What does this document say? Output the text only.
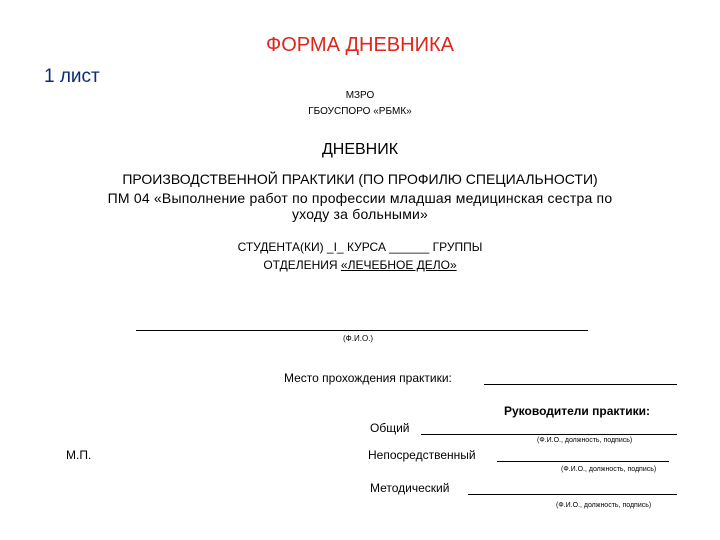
ФОРМА ДНЕВНИКА
1 лист
МЗРО
ГБОУСПОРО «РБМК»
ДНЕВНИК
ПРОИЗВОДСТВЕННОЙ ПРАКТИКИ (ПО ПРОФИЛЮ СПЕЦИАЛЬНОСТИ)
ПМ 04 «Выполнение работ по профессии младшая медицинская сестра по
уходу за больными»
СТУДЕНТА(КИ) _I_ КУРСА ______ ГРУППЫ
ОТДЕЛЕНИЯ «ЛЕЧЕБНОЕ ДЕЛО»
(Ф.И.О.)
Место прохождения практики:
Руководители практики:
Общий
(Ф.И.О., должность, подпись)
М.П.	Непосредственный
(Ф.И.О., должность, подпись)
Методический
(Ф.И.О., должность, подпись)
